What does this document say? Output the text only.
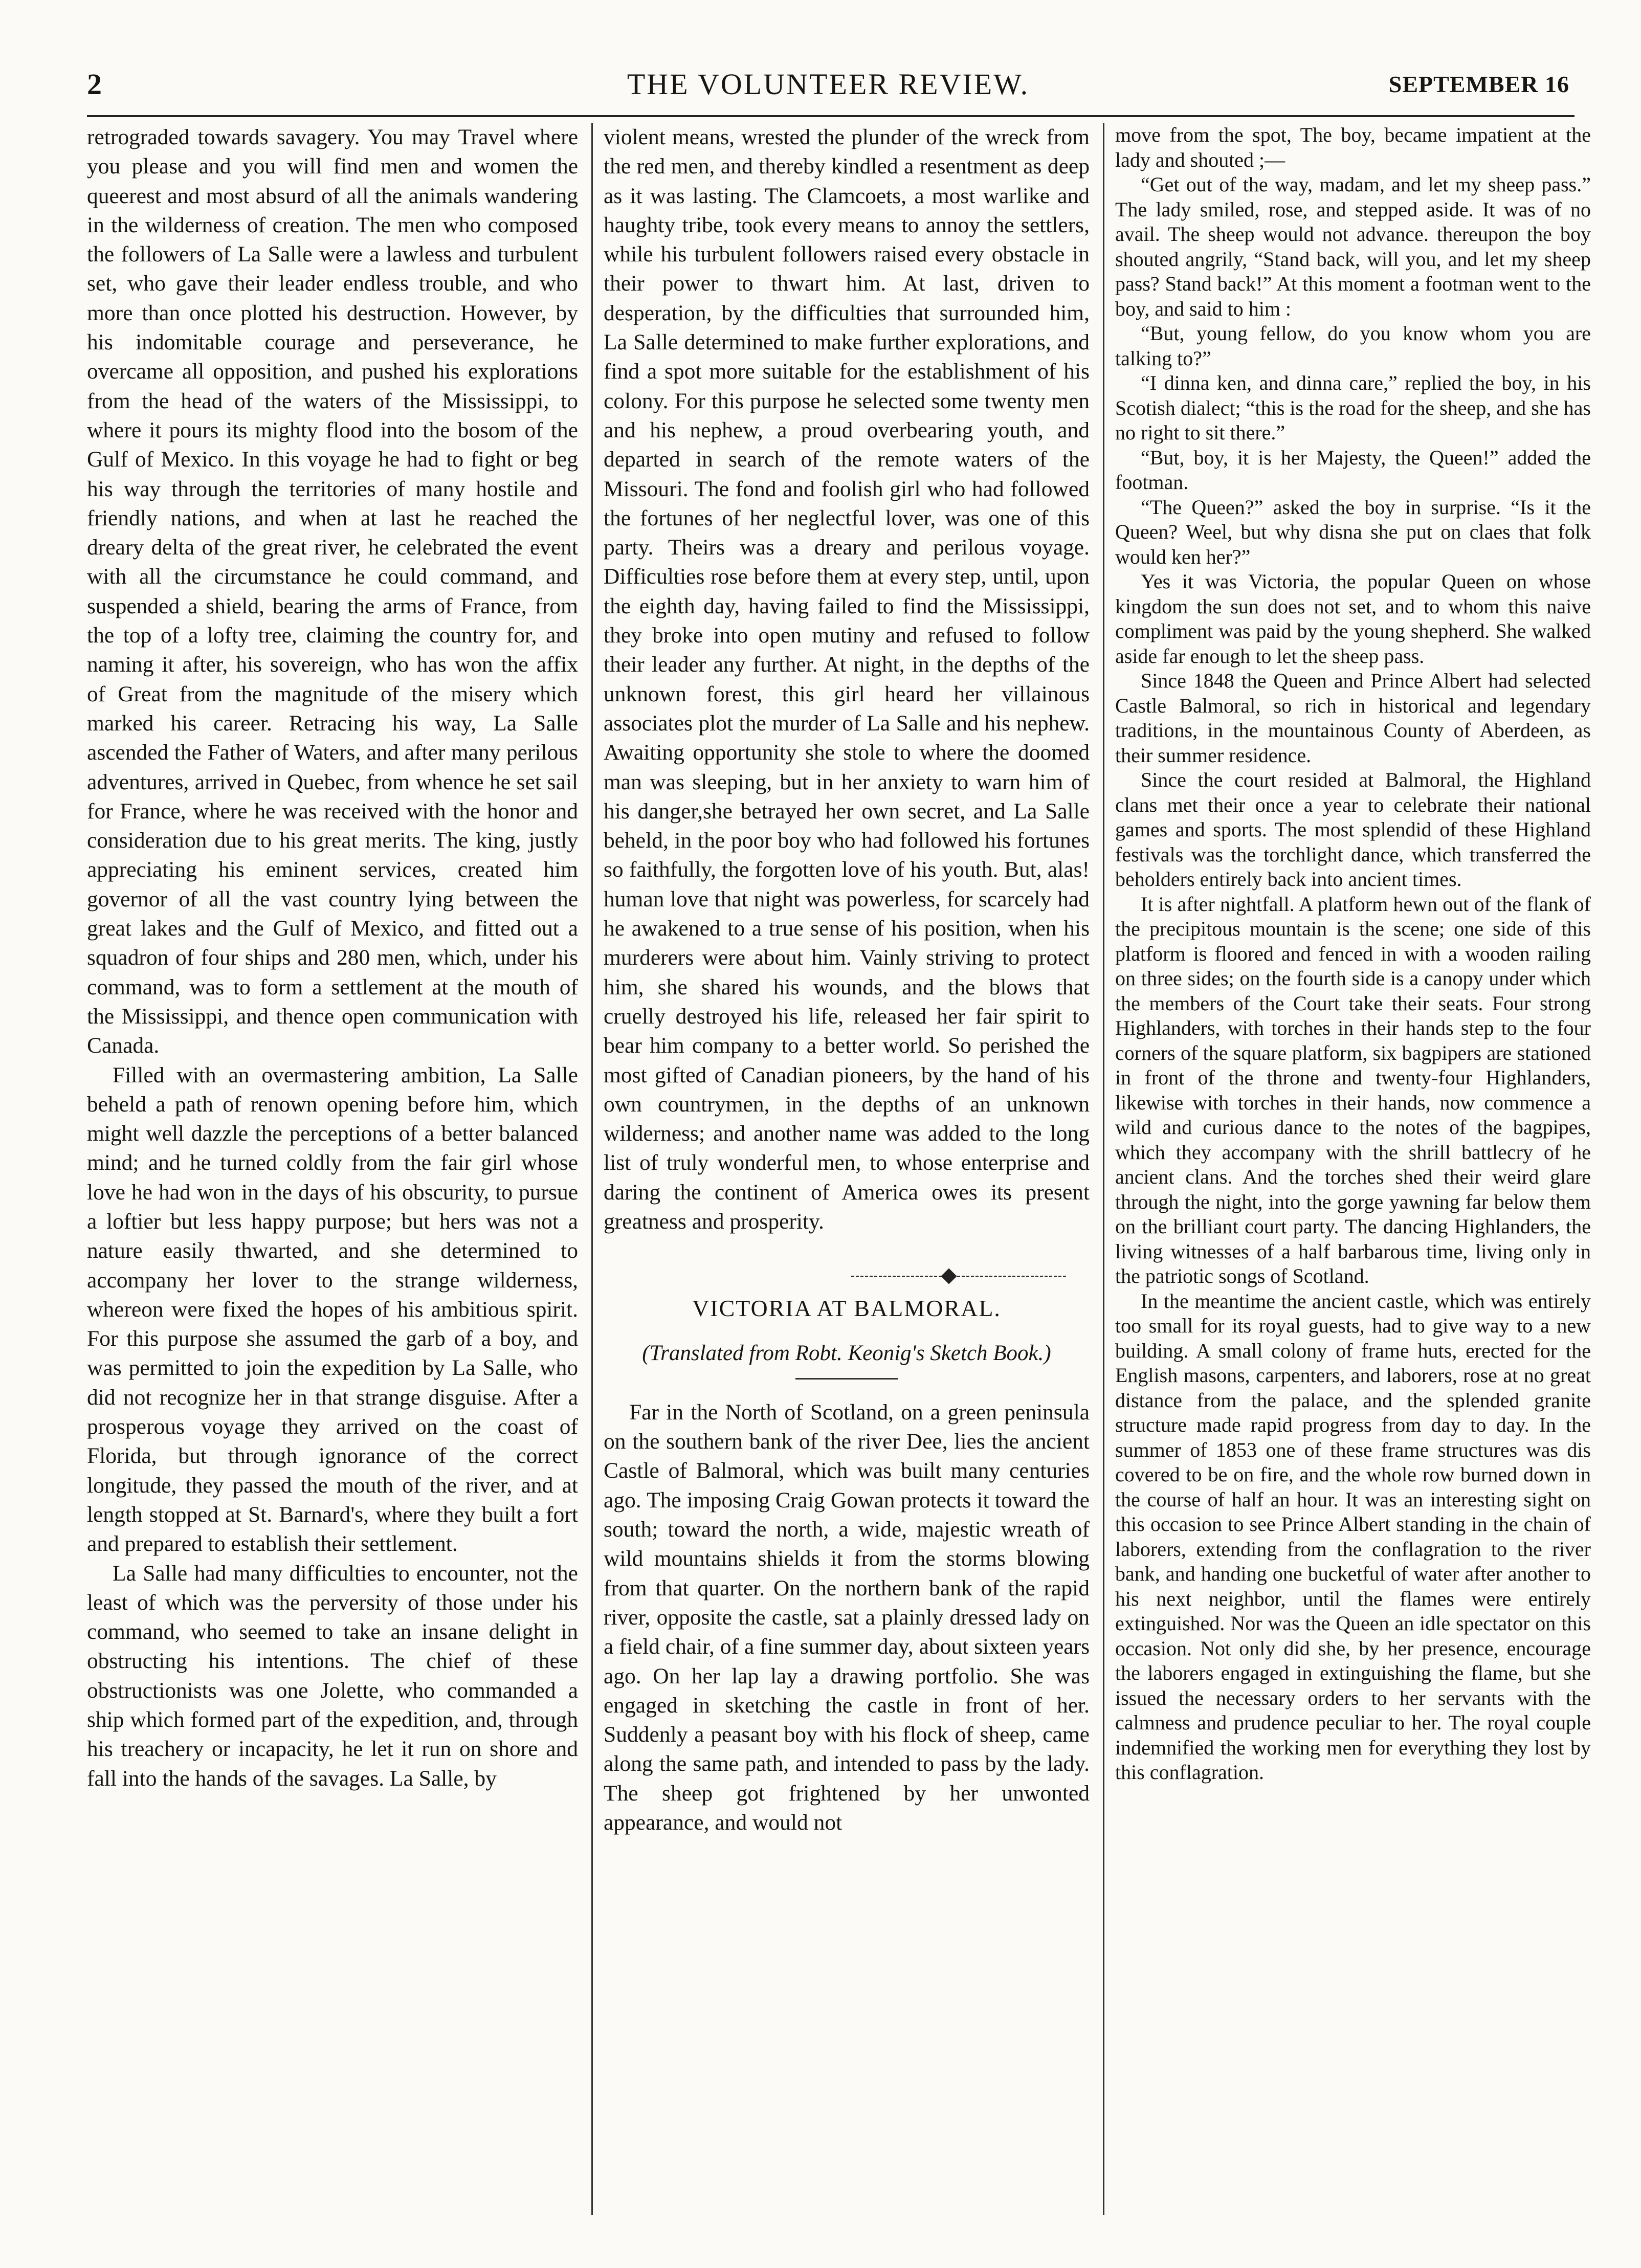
2	THE VOLUNTEER REVIEW.	SEPTEMBER 16

retrograded towards savagery. You may Travel where you please and you will find men and women the queerest and most absurd of all the animals wandering in the wilderness of creation. The men who composed the followers of La Salle were a lawless and turbulent set, who gave their leader endless trouble, and who more than once plotted his destruction. However, by his indomitable courage and perseverance, he overcame all opposition, and pushed his explorations from the head of the waters of the Mississippi, to where it pours its mighty flood into the bosom of the Gulf of Mexico. In this voyage he had to fight or beg his way through the territories of many hostile and friendly nations, and when at last he reached the dreary delta of the great river, he celebrated the event with all the circumstance he could command, and suspended a shield, bearing the arms of France, from the top of a lofty tree, claiming the country for, and naming it after, his sovereign, who has won the affix of Great from the magnitude of the misery which marked his career. Retracing his way, La Salle ascended the Father of Waters, and after many perilous adventures, arrived in Quebec, from whence he set sail for France, where he was received with the honor and consideration due to his great merits. The king, justly appreciating his eminent services, created him governor of all the vast country lying between the great lakes and the Gulf of Mexico, and fitted out a squadron of four ships and 280 men, which, under his command, was to form a settlement at the mouth of the Mississippi, and thence open communication with Canada.

Filled with an overmastering ambition, La Salle beheld a path of renown opening before him, which might well dazzle the perceptions of a better balanced mind; and he turned coldly from the fair girl whose love he had won in the days of his obscurity, to pursue a loftier but less happy purpose; but hers was not a nature easily thwarted, and she determined to accompany her lover to the strange wilderness, whereon were fixed the hopes of his ambitious spirit. For this purpose she assumed the garb of a boy, and was permitted to join the expedition by La Salle, who did not recognize her in that strange disguise. After a prosperous voyage they arrived on the coast of Florida, but through ignorance of the correct longitude, they passed the mouth of the river, and at length stopped at St. Barnard's, where they built a fort and prepared to establish their settlement.

La Salle had many difficulties to encounter, not the least of which was the perversity of those under his command, who seemed to take an insane delight in obstructing his intentions. The chief of these obstructionists was one Jolette, who commanded a ship which formed part of the expedition, and, through his treachery or incapacity, he let it run on shore and fall into the hands of the savages. La Salle, by

violent means, wrested the plunder of the wreck from the red men, and thereby kindled a resentment as deep as it was lasting. The Clamcoets, a most warlike and haughty tribe, took every means to annoy the settlers, while his turbulent followers raised every obstacle in their power to thwart him. At last, driven to desperation, by the difficulties that surrounded him, La Salle determined to make further explorations, and find a spot more suitable for the establishment of his colony. For this purpose he selected some twenty men and his nephew, a proud overbearing youth, and departed in search of the remote waters of the Missouri. The fond and foolish girl who had followed the fortunes of her neglectful lover, was one of this party. Theirs was a dreary and perilous voyage. Difficulties rose before them at every step, until, upon the eighth day, having failed to find the Mississippi, they broke into open mutiny and refused to follow their leader any further. At night, in the depths of the unknown forest, this girl heard her villainous associates plot the murder of La Salle and his nephew. Awaiting opportunity she stole to where the doomed man was sleeping, but in her anxiety to warn him of his danger,she betrayed her own secret, and La Salle beheld, in the poor boy who had followed his fortunes so faithfully, the forgotten love of his youth. But, alas! human love that night was powerless, for scarcely had he awakened to a true sense of his position, when his murderers were about him. Vainly striving to protect him, she shared his wounds, and the blows that cruelly destroyed his life, released her fair spirit to bear him company to a better world. So perished the most gifted of Canadian pioneers, by the hand of his own countrymen, in the depths of an unknown wilderness; and another name was added to the long list of truly wonderful men, to whose enterprise and daring the continent of America owes its present greatness and prosperity.

VICTORIA AT BALMORAL.
(Translated from Robt. Keonig's Sketch Book.)

Far in the North of Scotland, on a green peninsula on the southern bank of the river Dee, lies the ancient Castle of Balmoral, which was built many centuries ago. The imposing Craig Gowan protects it toward the south; toward the north, a wide, majestic wreath of wild mountains shields it from the storms blowing from that quarter. On the northern bank of the rapid river, opposite the castle, sat a plainly dressed lady on a field chair, of a fine summer day, about sixteen years ago. On her lap lay a drawing portfolio. She was engaged in sketching the castle in front of her. Suddenly a peasant boy with his flock of sheep, came along the same path, and intended to pass by the lady. The sheep got frightened by her unwonted appearance, and would not

move from the spot, The boy, became impatient at the lady and shouted ;—

“Get out of the way, madam, and let my sheep pass.” The lady smiled, rose, and stepped aside. It was of no avail. The sheep would not advance. thereupon the boy shouted angrily, “Stand back, will you, and let my sheep pass? Stand back!” At this moment a footman went to the boy, and said to him :

“But, young fellow, do you know whom you are talking to?”

“I dinna ken, and dinna care,” replied the boy, in his Scotish dialect; “this is the road for the sheep, and she has no right to sit there.”

“But, boy, it is her Majesty, the Queen!” added the footman.

“The Queen?” asked the boy in surprise. “Is it the Queen? Weel, but why disna she put on claes that folk would ken her?”

Yes it was Victoria, the popular Queen on whose kingdom the sun does not set, and to whom this naive compliment was paid by the young shepherd. She walked aside far enough to let the sheep pass.

Since 1848 the Queen and Prince Albert had selected Castle Balmoral, so rich in historical and legendary traditions, in the mountainous County of Aberdeen, as their summer residence.

Since the court resided at Balmoral, the Highland clans met their once a year to celebrate their national games and sports. The most splendid of these Highland festivals was the torchlight dance, which transferred the beholders entirely back into ancient times.

It is after nightfall. A platform hewn out of the flank of the precipitous mountain is the scene; one side of this platform is floored and fenced in with a wooden railing on three sides; on the fourth side is a canopy under which the members of the Court take their seats. Four strong Highlanders, with torches in their hands step to the four corners of the square platform, six bagpipers are stationed in front of the throne and twenty-four Highlanders, likewise with torches in their hands, now commence a wild and curious dance to the notes of the bagpipes, which they accompany with the shrill battlecry of he ancient clans. And the torches shed their weird glare through the night, into the gorge yawning far below them on the brilliant court party. The dancing Highlanders, the living witnesses of a half barbarous time, living only in the patriotic songs of Scotland.

In the meantime the ancient castle, which was entirely too small for its royal guests, had to give way to a new building. A small colony of frame huts, erected for the English masons, carpenters, and laborers, rose at no great distance from the palace, and the splended granite structure made rapid progress from day to day. In the summer of 1853 one of these frame structures was dis covered to be on fire, and the whole row burned down in the course of half an hour. It was an interesting sight on this occasion to see Prince Albert standing in the chain of laborers, extending from the conflagration to the river bank, and handing one bucketful of water after another to his next neighbor, until the flames were entirely extinguished. Nor was the Queen an idle spectator on this occasion. Not only did she, by her presence, encourage the laborers engaged in extinguishing the flame, but she issued the necessary orders to her servants with the calmness and prudence peculiar to her. The royal couple indemnified the working men for everything they lost by this conflagration.
